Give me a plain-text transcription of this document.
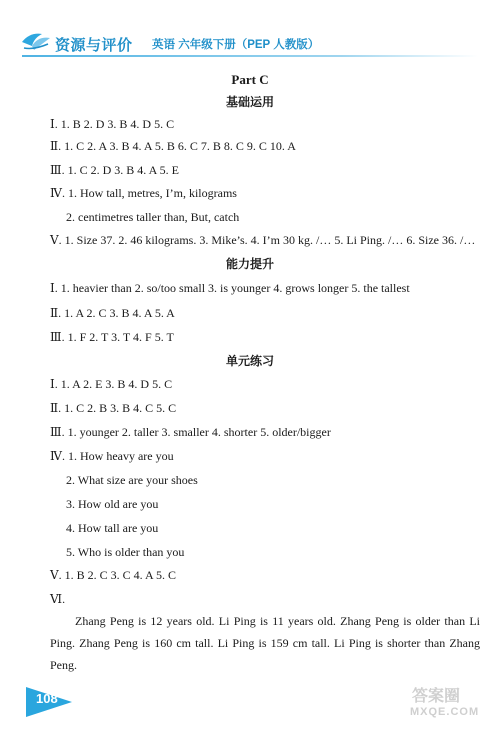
资源与评价 英语 六年级下册（PEP 人教版）
Part C
基础运用
Ⅰ. 1. B 2. D 3. B 4. D 5. C
Ⅱ. 1. C 2. A 3. B 4. A 5. B 6. C 7. B 8. C 9. C 10. A
Ⅲ. 1. C 2. D 3. B 4. A 5. E
Ⅳ. 1. How tall, metres, I’m, kilograms
2. centimetres taller than, But, catch
Ⅴ. 1. Size 37. 2. 46 kilograms. 3. Mike’s. 4. I’m 30 kg. /… 5. Li Ping. /… 6. Size 36. /…
能力提升
Ⅰ. 1. heavier than 2. so/too small 3. is younger 4. grows longer 5. the tallest
Ⅱ. 1. A 2. C 3. B 4. A 5. A
Ⅲ. 1. F 2. T 3. T 4. F 5. T
单元练习
Ⅰ. 1. A 2. E 3. B 4. D 5. C
Ⅱ. 1. C 2. B 3. B 4. C 5. C
Ⅲ. 1. younger 2. taller 3. smaller 4. shorter 5. older/bigger
Ⅳ. 1. How heavy are you
2. What size are your shoes
3. How old are you
4. How tall are you
5. Who is older than you
Ⅴ. 1. B 2. C 3. C 4. A 5. C
Ⅵ.
Zhang Peng is 12 years old. Li Ping is 11 years old. Zhang Peng is older than Li Ping. Zhang Peng is 160 cm tall. Li Ping is 159 cm tall. Li Ping is shorter than Zhang Peng.
108	答案圈
MXQE.COM
